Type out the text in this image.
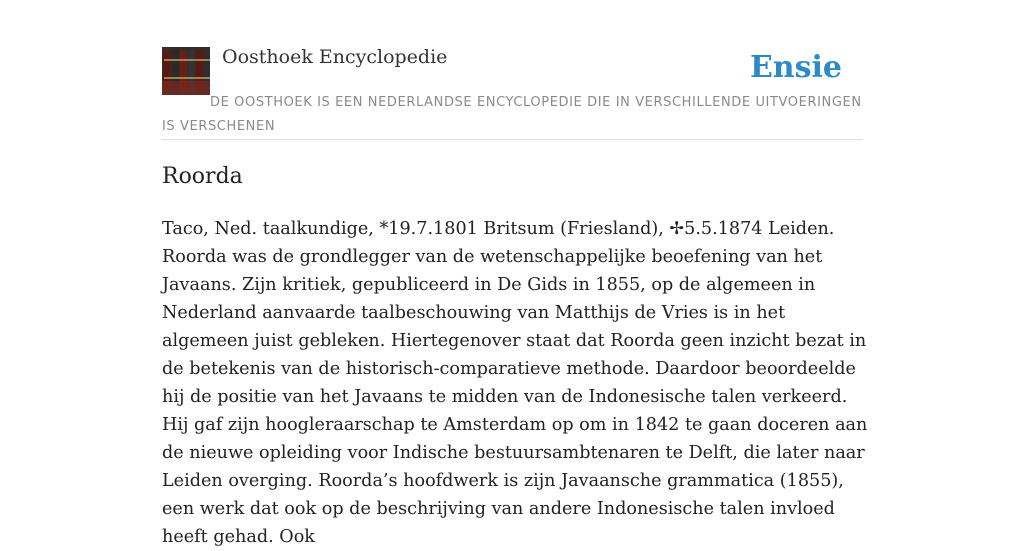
Oosthoek Encyclopedie	Ensie
DE OOSTHOEK IS EEN NEDERLANDSE ENCYCLOPEDIE DIE IN VERSCHILLENDE UITVOERINGEN IS VERSCHENEN
Roorda

Taco, Ned. taalkundige, *19.7.1801 Britsum (Friesland), ✢5.5.1874 Leiden. Roorda was de grondlegger van de wetenschappelijke beoefening van het Javaans. Zijn kritiek, gepubliceerd in De Gids in 1855, op de algemeen in Nederland aanvaarde taalbeschouwing van Matthijs de Vries is in het algemeen juist gebleken. Hiertegenover staat dat Roorda geen inzicht bezat in de betekenis van de historisch-comparatieve methode. Daardoor beoordeelde hij de positie van het Javaans te midden van de Indonesische talen verkeerd. Hij gaf zijn hoogleraarschap te Amsterdam op om in 1842 te gaan doceren aan de nieuwe opleiding voor Indische bestuursambtenaren te Delft, die later naar Leiden overging. Roorda’s hoofdwerk is zijn Javaansche grammatica (1855), een werk dat ook op de beschrijving van andere Indonesische talen invloed heeft gehad. Ook
